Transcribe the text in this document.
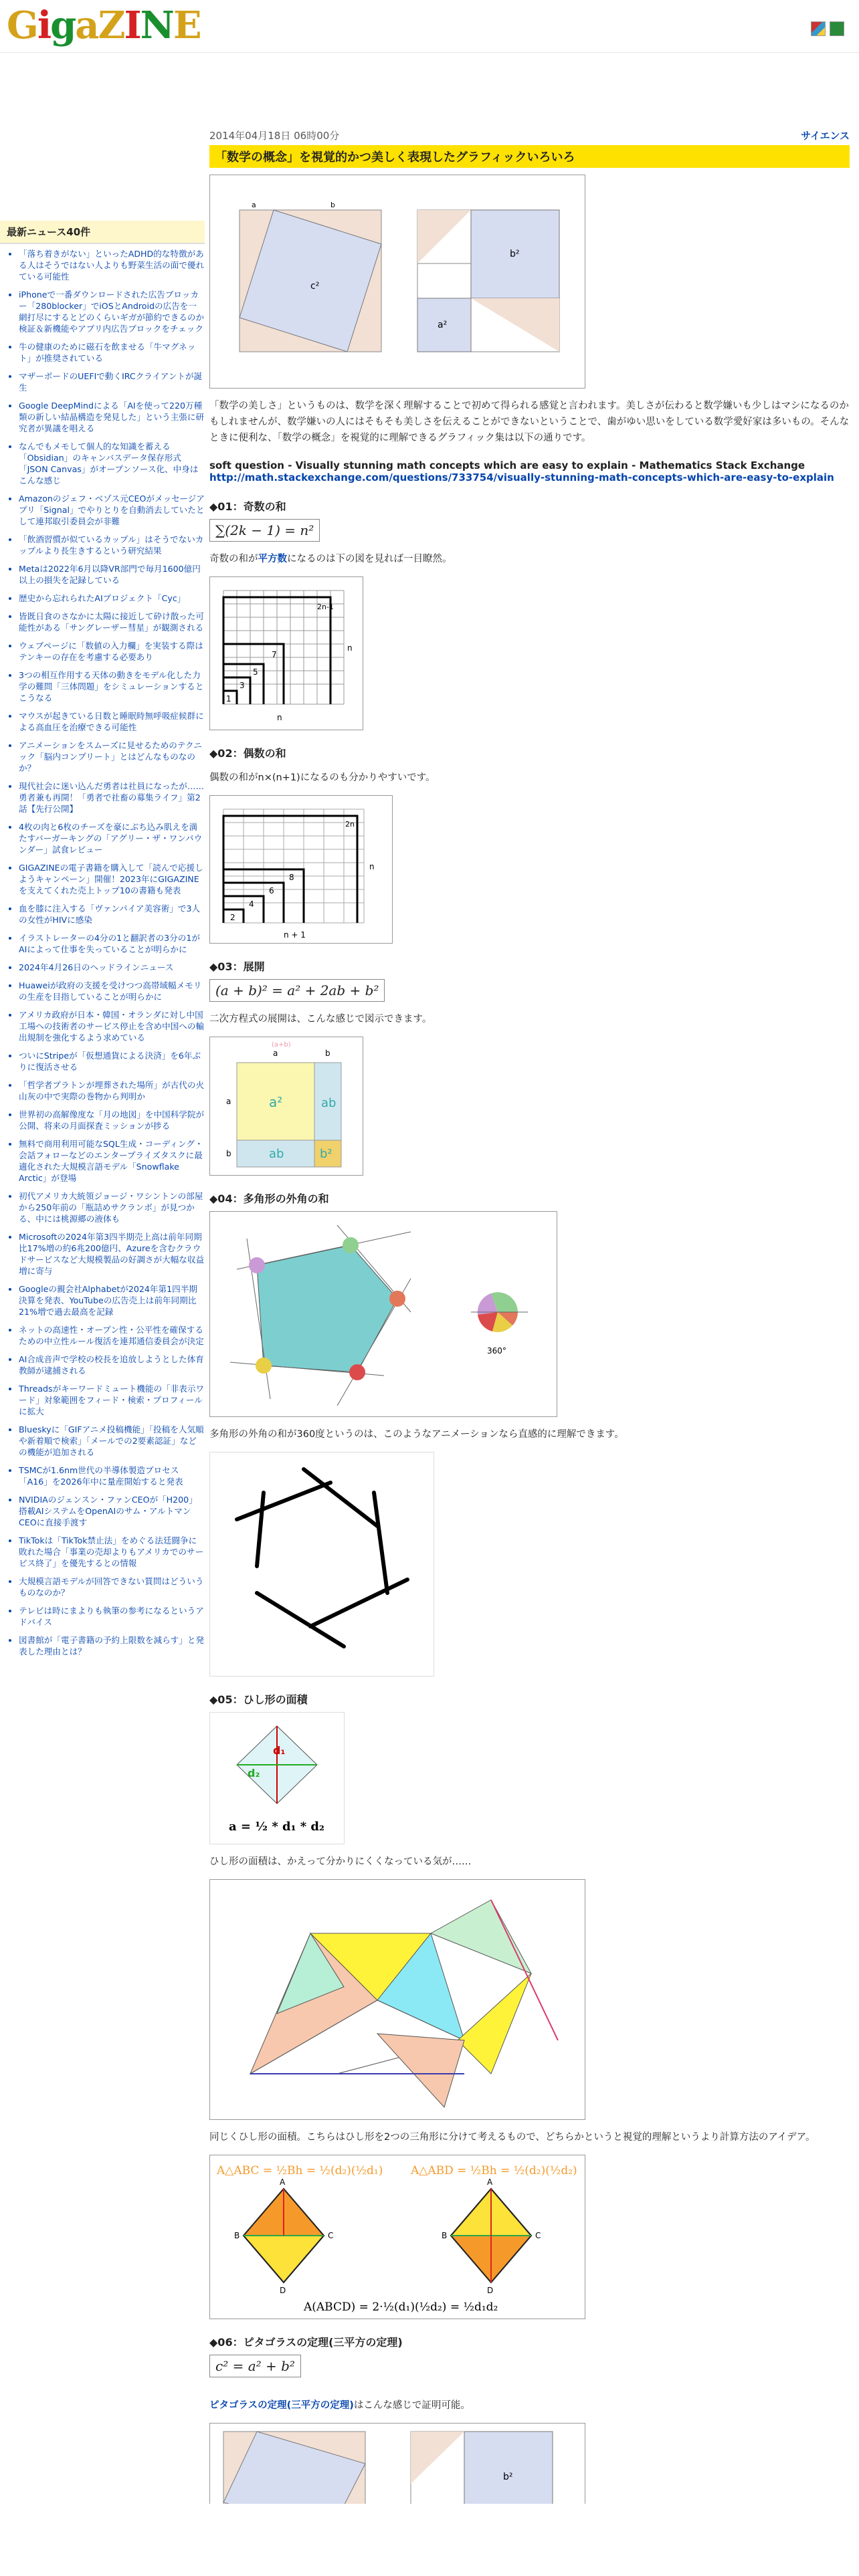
GigaZINE
最新ニュース40件
• 「落ち着きがない」といったADHD的な特徴がある人はそうではない人よりも野菜生活の面で優れている可能性
• iPhoneで一番ダウンロードされた広告ブロッカー「280blocker」でiOSとAndroidの広告を一網打尽にするとどのくらいギガが節約できるのか検証＆新機能やアプリ内広告ブロックをチェック
• 牛の健康のために磁石を飲ませる「牛マグネット」が推奨されている
• マザーボードのUEFIで動くIRCクライアントが誕生
• Google DeepMindによる「AIを使って220万種類の新しい結晶構造を発見した」という主張に研究者が異議を唱える
• なんでもメモして個人的な知識を蓄える「Obsidian」のキャンバスデータ保存形式「JSON Canvas」がオープンソース化、中身はこんな感じ
• Amazonのジェフ・ベゾス元CEOがメッセージアプリ「Signal」でやりとりを自動消去していたとして連邦取引委員会が非難
• 「飲酒習慣が似ているカップル」はそうでないカップルより長生きするという研究結果
• Metaは2022年6月以降VR部門で毎月1600億円以上の損失を記録している
• 歴史から忘れられたAIプロジェクト「Cyc」
• 皆既日食のさなかに太陽に接近して砕け散った可能性がある「サングレーザー彗星」が観測される
• ウェブページに「数値の入力欄」を実装する際はテンキーの存在を考慮する必要あり
• 3つの相互作用する天体の動きをモデル化した力学の難問「三体問題」をシミュレーションするとこうなる
• マウスが起きている日数と睡眠時無呼吸症候群による高血圧を治療できる可能性
• アニメーションをスムーズに見せるためのテクニック「脳内コンプリート」とはどんなものなのか？
• 現代社会に迷い込んだ勇者は社員になったが……勇者兼も再開！「勇者で社畜の募集ライフ」第2話【先行公開】
• 4枚の肉と6枚のチーズを豪にぶち込み肌えを満たすバーガーキングの「アグリー・ザ・ワンパウンダー」試食レビュー
• GIGAZINEの電子書籍を購入して「読んで応援しようキャンペーン」開催！2023年にGIGAZINEを支えてくれた売上トップ10の書籍も発表
• 血を膝に注入する「ヴァンパイア美容術」で3人の女性がHIVに感染
• イラストレーターの4分の1と翻訳者の3分の1がAIによって仕事を失っていることが明らかに
• 2024年4月26日のヘッドラインニュース
• Huaweiが政府の支援を受けつつ高帯域幅メモリの生産を目指していることが明らかに
• アメリカ政府が日本・韓国・オランダに対し中国工場への技術者のサービス停止を含め中国への輸出規制を強化するよう求めている
• ついにStripeが「仮想通貨による決済」を6年ぶりに復活させる
• 「哲学者プラトンが埋葬された場所」が古代の火山灰の中で実際の巻物から判明か
• 世界初の高解像度な「月の地図」を中国科学院が公開、将来の月面探査ミッションが捗る
• 無料で商用利用可能なSQL生成・コーディング・会話フォローなどのエンタープライズタスクに最適化された大規模言語モデル「Snowflake Arctic」が登場
• 初代アメリカ大統領ジョージ・ワシントンの部屋から250年前の「瓶詰めサクランボ」が見つかる、中には桃源郷の液体も
• Microsoftの2024年第3四半期売上高は前年同期比17%増の約6兆200億円、Azureを含むクラウドサービスなど大規模製品の好調さが大幅な収益増に寄与
• Googleの親会社Alphabetが2024年第1四半期決算を発表、YouTubeの広告売上は前年同期比21%増で過去最高を記録
• ネットの高速性・オープン性・公平性を確保するための中立性ルール復活を連邦通信委員会が決定
• AI合成音声で学校の校長を追放しようとした体育教師が逮捕される
• Threadsがキーワードミュート機能の「非表示ワード」対象範囲をフィード・検索・プロフィールに拡大
• Blueskyに「GIFアニメ投稿機能」「投稿を人気順や新着順で検索」「メールでの2要素認証」などの機能が追加される
• TSMCが1.6nm世代の半導体製造プロセス「A16」を2026年中に量産開始すると発表
• NVIDIAのジェンスン・ファンCEOが「H200」搭載AIシステムをOpenAIのサム・アルトマンCEOに直接手渡す
• TikTokは「TikTok禁止法」をめぐる法廷闘争に敗れた場合「事業の売却よりもアメリカでのサービス終了」を優先するとの情報
• 大規模言語モデルが回答できない質問はどういうものなのか？
• テレビは時にまよりも執筆の参考になるというアドバイス
• 図書館が「電子書籍の予約上限数を減らす」と発表した理由とは？
2014年04月18日 06時00分	サイエンス
「数学の概念」を視覚的かつ美しく表現したグラフィックいろいろ
c²
a	b
b²
a²

「数学の美しさ」というものは、数学を深く理解することで初めて得られる感覚と言われます。美しさが伝わると数学嫌いも少しはマシになるのかもしれませんが、数学嫌いの人にはそもそも美しさを伝えることができないということで、歯がゆい思いをしている数学愛好家は多いもの。そんなときに便利な、「数学の概念」を視覚的に理解できるグラフィック集は以下の通りです。

soft question - Visually stunning math concepts which are easy to explain - Mathematics Stack Exchange
http://math.stackexchange.com/questions/733754/visually-stunning-math-concepts-which-are-easy-to-explain
◆01：奇数の和
∑(2k − 1) = n²

奇数の和が平方数になるのは下の図を見れば一目瞭然。

1
3
5
7
2n-1
n
n
◆02：偶数の和

偶数の和がn×(n+1)になるのも分かりやすいです。

2
4
6
8
2n
n
n + 1
◆03：展開
(a + b)² = a² + 2ab + b²

二次方程式の展開は、こんな感じで図示できます。

(a+b)
a	b
a
b
a²	ab
ab	b²
◆04：多角形の外角の和
360°

多角形の外角の和が360度というのは、このようなアニメーションなら直感的に理解できます。

◆05：ひし形の面積
d₁
d₂
a = ½ * d₁ * d₂

ひし形の面積は、かえって分かりにくくなっている気が……

同じくひし形の面積。こちらはひし形を2つの三角形に分けて考えるもので、どちらかというと視覚的理解というより計算方法のアイデア。

A△ABC = ½Bh = ½(d₂)(½d₁) A△ABD = ½Bh = ½(d₂)(½d₂)
A
B	C
D
A
B	C
D
A(ABCD) = 2·½(d₁)(½d₂) = ½d₁d₂
◆06：ピタゴラスの定理(三平方の定理)
c² = a² + b²

ピタゴラスの定理(三平方の定理)はこんな感じで証明可能。

b²
